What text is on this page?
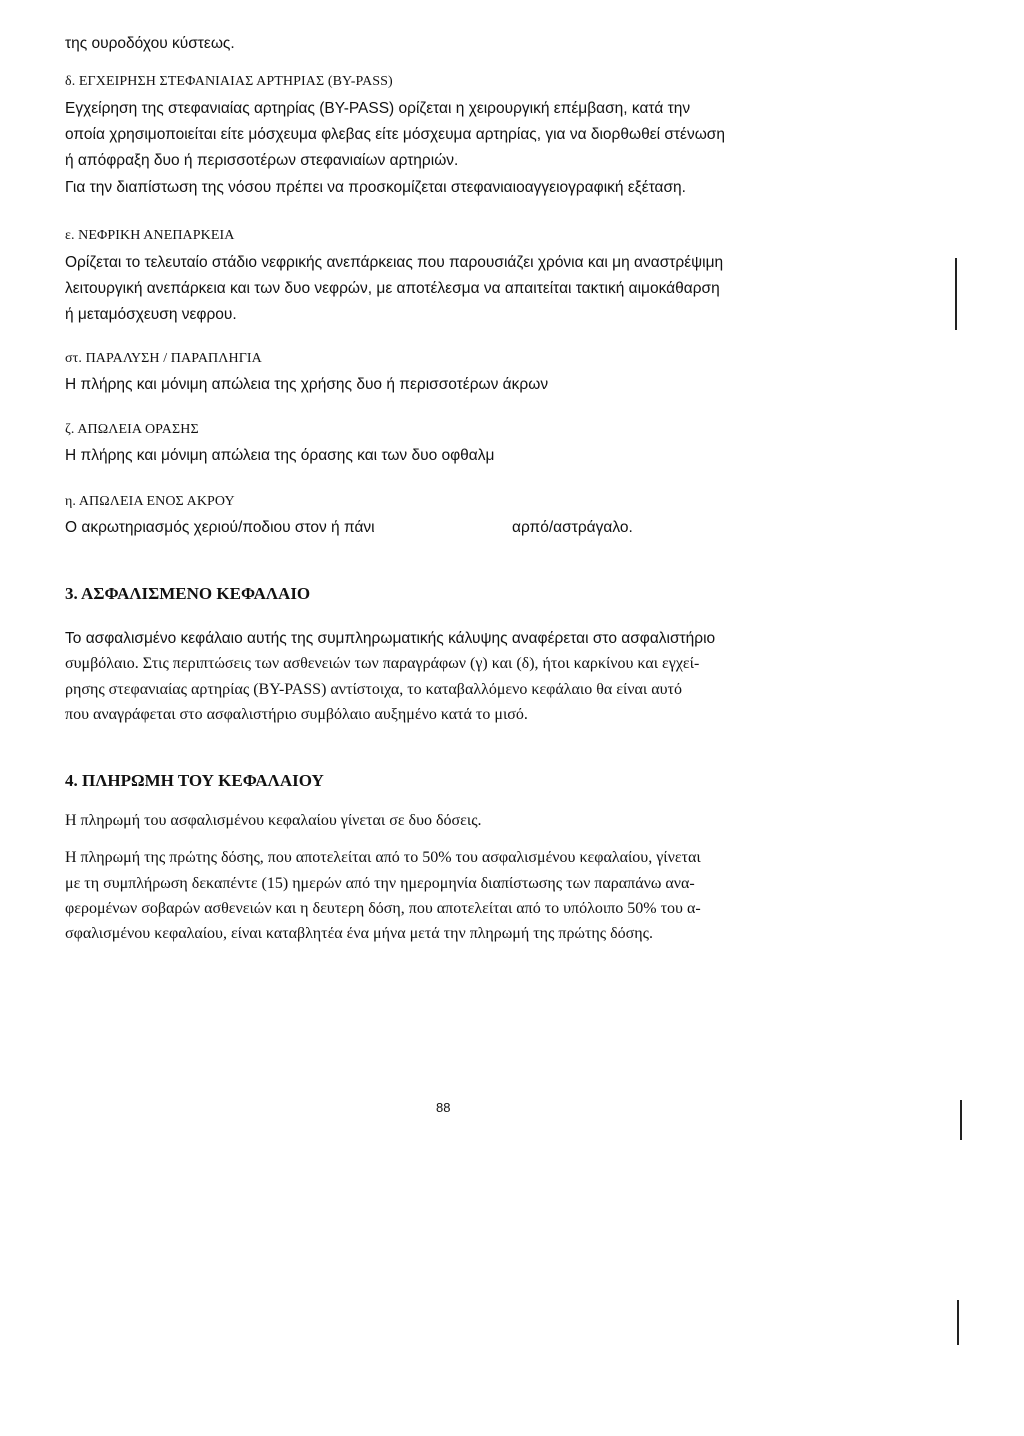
της ουροδόχου κύστεως.
δ. ΕΓΧΕΙΡΗΣΗ ΣΤΕΦΑΝΙΑΙΑΣ ΑΡΤΗΡΙΑΣ (BY-PASS)
Εγχείρηση της στεφανιαίας αρτηρίας (BY-PASS) ορίζεται η χειρουργική επέμβαση, κατά την
οποία χρησιμοποιείται είτε μόσχευμα φλεβας είτε μόσχευμα αρτηρίας, για να διορθωθεί στένωση
ή απόφραξη δυο ή περισσοτέρων στεφανιαίων αρτηριών.
Για την διαπίστωση της νόσου πρέπει να προσκομίζεται στεφανιαιοαγγειογραφική εξέταση.
ε. ΝΕΦΡΙΚΗ ΑΝΕΠΑΡΚΕΙΑ
Ορίζεται το τελευταίο στάδιο νεφρικής ανεπάρκειας που παρουσιάζει χρόνια και μη αναστρέψιμη
λειτουργική ανεπάρκεια και των δυο νεφρών, με αποτέλεσμα να απαιτείται τακτική αιμοκάθαρση
ή μεταμόσχευση νεφρου.
στ. ΠΑΡΑΛΥΣΗ / ΠΑΡΑΠΛΗΓΙΑ
Η πλήρης και μόνιμη απώλεια της χρήσης δυο ή περισσοτέρων άκρων
ζ. ΑΠΩΛΕΙΑ ΟΡΑΣΗΣ
Η πλήρης και μόνιμη απώλεια της όρασης και των δυο οφθαλμ
η. ΑΠΩΛΕΙΑ ΕΝΟΣ ΑΚΡΟΥ
Ο ακρωτηριασμός χεριού/ποδιου στον ή πάνι	αρπό/αστράγαλο.
3. ΑΣΦΑΛΙΣΜΕΝΟ ΚΕΦΑΛΑΙΟ
Το ασφαλισμένο κεφάλαιο αυτής της συμπληρωματικής κάλυψης αναφέρεται στο ασφαλιστήριο
συμβόλαιο. Στις περιπτώσεις των ασθενειών των παραγράφων (γ) και (δ), ήτοι καρκίνου και εγχεί-
ρησης στεφανιαίας αρτηρίας (BY-PASS) αντίστοιχα, το καταβαλλόμενο κεφάλαιο θα είναι αυτό
που αναγράφεται στο ασφαλιστήριο συμβόλαιο αυξημένο κατά το μισό.
4. ΠΛΗΡΩΜΗ ΤΟΥ ΚΕΦΑΛΑΙΟΥ
Η πληρωμή του ασφαλισμένου κεφαλαίου γίνεται σε δυο δόσεις.
Η πληρωμή της πρώτης δόσης, που αποτελείται από το 50% του ασφαλισμένου κεφαλαίου, γίνεται
με τη συμπλήρωση δεκαπέντε (15) ημερών από την ημερομηνία διαπίστωσης των παραπάνω ανα-
φερομένων σοβαρών ασθενειών και η δευτερη δόση, που αποτελείται από το υπόλοιπο 50% του α-
σφαλισμένου κεφαλαίου, είναι καταβλητέα ένα μήνα μετά την πληρωμή της πρώτης δόσης.
88
